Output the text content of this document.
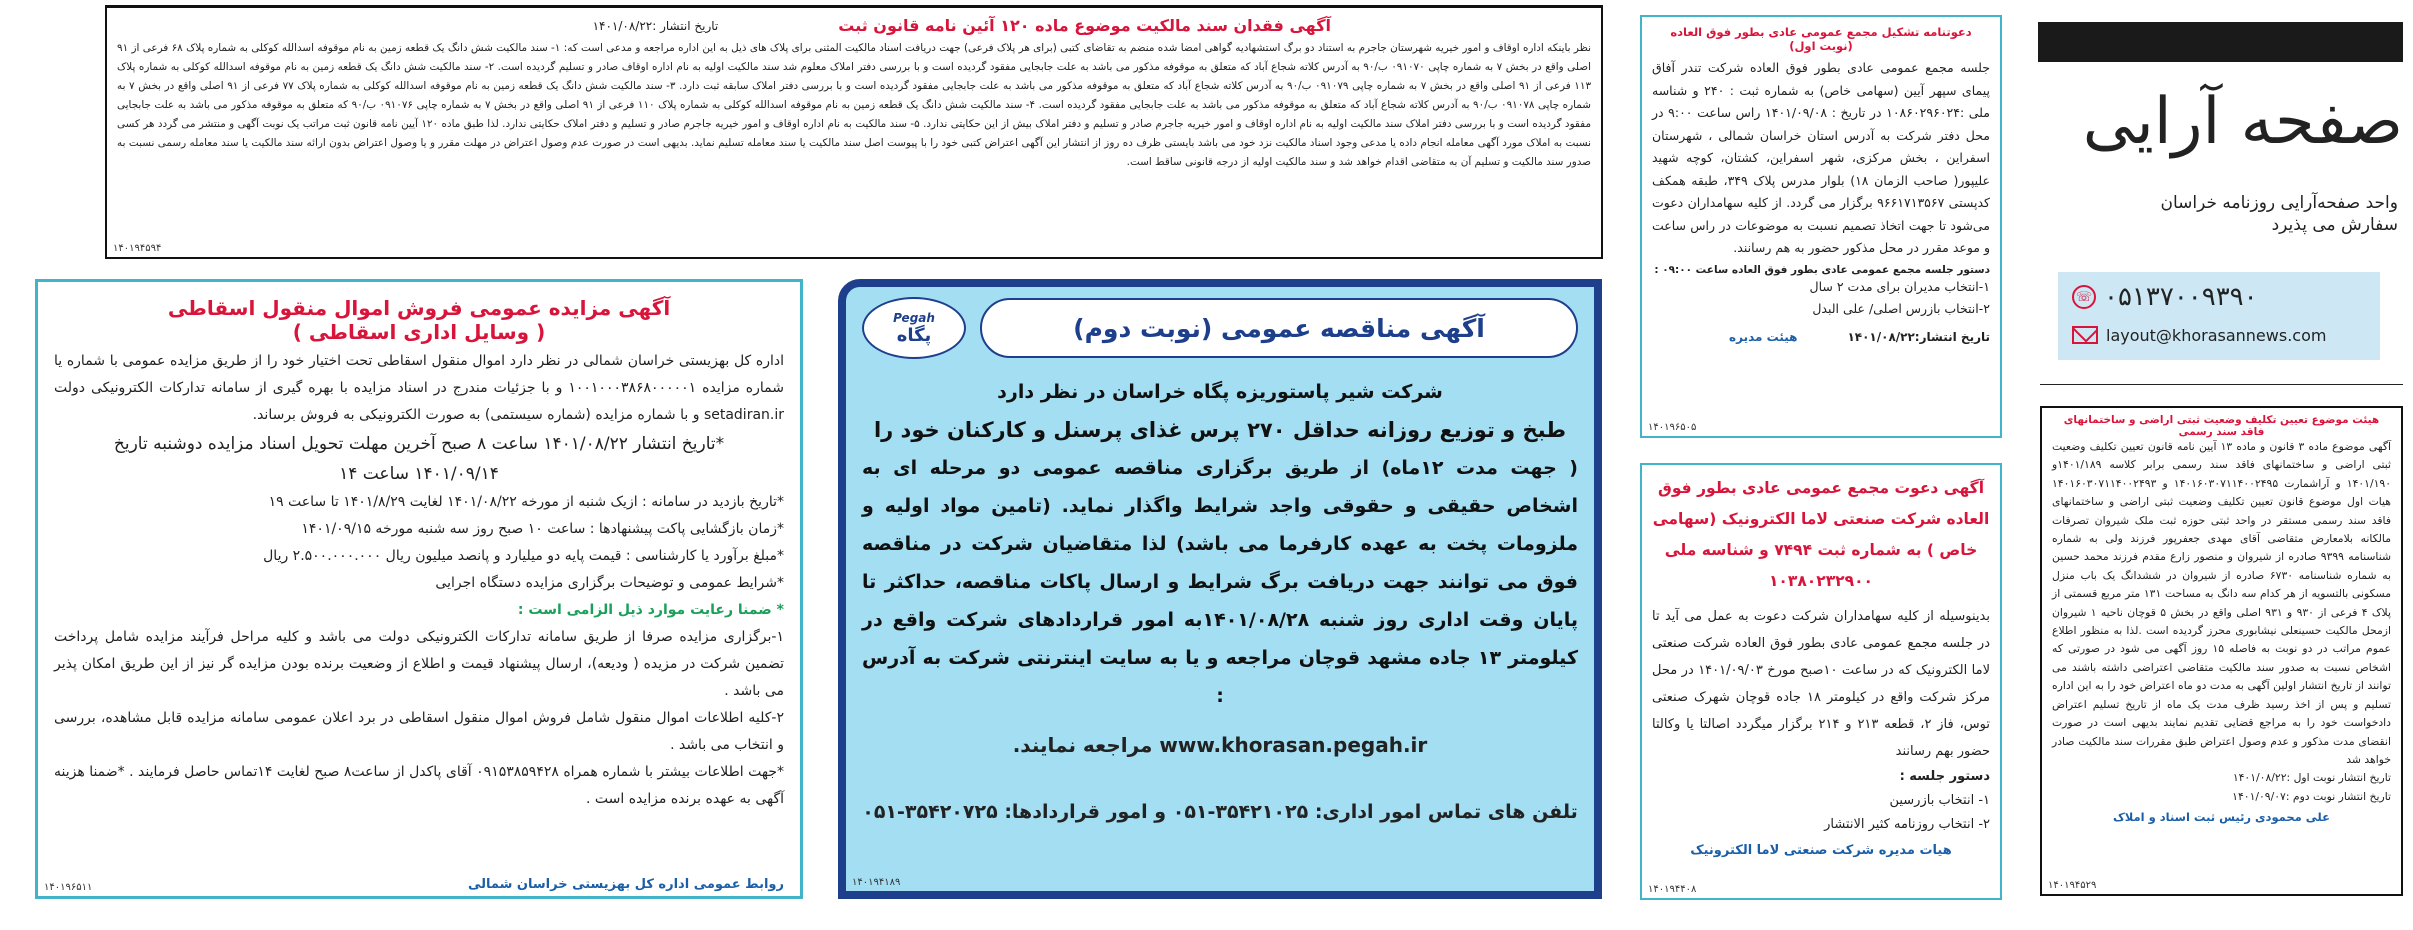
آگهی فقدان سند مالکیت موضوع ماده ۱۲۰ آئین نامه قانون ثبت
تاریخ انتشار :۱۴۰۱/۰۸/۲۲

نظر باینکه اداره اوقاف و امور خیریه شهرستان جاجرم به استناد دو برگ استشهادیه گواهی امضا شده منضم به تقاضای کتبی (برای هر پلاک فرعی) جهت دریافت اسناد مالکیت المثنی برای پلاک های ذیل به این اداره مراجعه و مدعی است که: ۱- سند مالکیت شش دانگ یک قطعه زمین به نام موقوفه اسدالله کوکلی به شماره پلاک ۶۸ فرعی از ۹۱ اصلی واقع در بخش ۷ به شماره چاپی ۰۹۱۰۷۰ ب/۹۰ به آدرس کلاته شجاع آباد که متعلق به موقوفه مذکور می باشد به علت جابجایی مفقود گردیده است و با بررسی دفتر املاک معلوم شد سند مالکیت اولیه به نام اداره اوقاف صادر و تسلیم گردیده است. ۲- سند مالکیت شش دانگ یک قطعه زمین به نام موقوفه اسدالله کوکلی به شماره پلاک ۱۱۳ فرعی از ۹۱ اصلی واقع در بخش ۷ به شماره چاپی ۰۹۱۰۷۹ ب/۹۰ به آدرس کلاته شجاع آباد که متعلق به موقوفه مذکور می باشد به علت جابجایی مفقود گردیده است و با بررسی دفتر املاک سابقه ثبت دارد. ۳- سند مالکیت شش دانگ یک قطعه زمین به نام موقوفه اسدالله کوکلی به شماره پلاک ۷۷ فرعی از ۹۱ اصلی واقع در بخش ۷ به شماره چاپی ۰۹۱۰۷۸ ب/۹۰ به آدرس کلاته شجاع آباد که متعلق به موقوفه مذکور می باشد به علت جابجایی مفقود گردیده است. ۴- سند مالکیت شش دانگ یک قطعه زمین به نام موقوفه اسدالله کوکلی به شماره پلاک ۱۱۰ فرعی از ۹۱ اصلی واقع در بخش ۷ به شماره چاپی ۰۹۱۰۷۶ ب/۹۰ که متعلق به موقوفه مذکور می باشد به علت جابجایی مفقود گردیده است و با بررسی دفتر املاک سند مالکیت اولیه به نام اداره اوقاف و امور خیریه جاجرم صادر و تسلیم و دفتر املاک بیش از این حکایتی ندارد. ۵- سند مالکیت به نام اداره اوقاف و امور خیریه جاجرم صادر و تسلیم و دفتر املاک حکایتی ندارد. لذا طبق ماده ۱۲۰ آیین نامه قانون ثبت مراتب یک نوبت آگهی و منتشر می گردد هر کسی نسبت به املاک مورد آگهی معامله انجام داده یا مدعی وجود اسناد مالکیت نزد خود می باشد بایستی ظرف ده روز از انتشار این آگهی اعتراض کتبی خود را با پیوست اصل سند مالکیت یا سند معامله تسلیم نماید. بدیهی است در صورت عدم وصول اعتراض در مهلت مقرر و یا وصول اعتراض بدون ارائه سند مالکیت یا سند معامله رسمی نسبت به صدور سند مالکیت و تسلیم آن به متقاضی اقدام خواهد شد و سند مالکیت اولیه از درجه قانونی ساقط است.

۱۴۰۱۹۴۵۹۴
آگهی مزایده عمومی فروش اموال منقول اسقاطی
( وسایل اداری اسقاطی )

اداره کل بهزیستی خراسان شمالی در نظر دارد اموال منقول اسقاطی تحت اختیار خود را از طریق مزایده عمومی با شماره یا شماره مزایده ۱۰۰۱۰۰۰۳۸۶۸۰۰۰۰۰۱ و با جزئیات مندرج در اسناد مزایده با بهره گیری از سامانه تدارکات الکترونیکی دولت setadiran.ir و با شماره مزایده (شماره سیستمی) به صورت الکترونیکی به فروش برساند.

*تاریخ انتشار ۱۴۰۱/۰۸/۲۲ ساعت ۸ صبح آخرین مهلت تحویل اسناد مزایده دوشنبه تاریخ

۱۴۰۱/۰۹/۱۴ ساعت ۱۴

*تاریخ بازدید در سامانه : ازیک شنبه از مورخه ۱۴۰۱/۰۸/۲۲ لغایت ۱۴۰۱/۸/۲۹ تا ساعت ۱۹

*زمان بازگشایی پاکت پیشنهادها : ساعت ۱۰ صبح روز سه شنبه مورخه ۱۴۰۱/۰۹/۱۵

*مبلغ برآورد یا کارشناسی : قیمت پایه دو میلیارد و پانصد میلیون ریال ۲.۵۰۰.۰۰۰.۰۰۰ ریال

*شرایط عمومی و توضیحات برگزاری مزایده دستگاه اجرایی

* ضمنا رعایت موارد ذیل الزامی است :

۱-برگزاری مزایده صرفا از طریق سامانه تدارکات الکترونیکی دولت می باشد و کلیه مراحل فرآیند مزایده شامل پرداخت تضمین شرکت در مزیده ( ودیعه)، ارسال پیشنهاد قیمت و اطلاع از وضعیت برنده بودن مزایده گر نیز از این طریق امکان پذیر می باشد .

۲-کلیه اطلاعات اموال منقول شامل فروش اموال منقول اسقاطی در برد اعلان عمومی سامانه مزایده قابل مشاهده، بررسی و انتخاب می باشد .

*جهت اطلاعات بیشتر با شماره همراه ۰۹۱۵۳۸۵۹۴۲۸ آقای پاکدل از ساعت۸ صبح لغایت ۱۴تماس حاصل فرمایند . *ضمنا هزینه آگهی به عهده برنده مزایده است .

روابط عمومی اداره کل بهزیستی خراسان شمالی
۱۴۰۱۹۶۵۱۱
آگهی مناقصه عمومی (نوبت دوم)
Pegah
پگاه

شرکت شیر پاستوریزه پگاه خراسان در نظر دارد

طبخ و توزیع روزانه حداقل ۲۷۰ پرس غذای پرسنل و کارکنان خود را

( جهت مدت ۱۲ماه) از طریق برگزاری مناقصه عمومی دو مرحله ای به اشخاص حقیقی و حقوقی واجد شرایط واگذار نماید. (تامین مواد اولیه و ملزومات پخت به عهده کارفرما می باشد) لذا متقاضیان شرکت در مناقصه فوق می توانند جهت دریافت برگ شرایط و ارسال پاکات مناقصه، حداکثر تا پایان وقت اداری روز شنبه ۱۴۰۱/۰۸/۲۸به امور قراردادهای شرکت واقع در کیلومتر ۱۳ جاده مشهد قوچان مراجعه و یا به سایت اینترنتی شرکت به آدرس :

www.khorasan.pegah.ir مراجعه نمایند.

تلفن های تماس امور اداری: ۳۵۴۲۱۰۲۵-۰۵۱ و امور قراردادها: ۳۵۴۲۰۷۲۵-۰۵۱

۱۴۰۱۹۴۱۸۹
دعوتنامه تشکیل مجمع عمومی عادی بطور فوق العاده (نوبت اول)

جلسه مجمع عمومی عادی بطور فوق العاده شرکت تندر آفاق پیمای سپهر آیین (سهامی خاص) به شماره ثبت : ۲۴۰ و شناسه ملی :۱۰۸۶۰۲۹۶۰۲۴ در تاریخ : ۱۴۰۱/۰۹/۰۸ راس ساعت ۹:۰۰ در محل دفتر شرکت به آدرس استان خراسان شمالی ، شهرستان اسفراین ، بخش مرکزی، شهر اسفراین، کشتان، کوچه شهید علیپور( صاحب الزمان ۱۸) بلوار مدرس پلاک ۳۴۹، طبقه همکف کدپستی ۹۶۶۱۷۱۳۵۶۷ برگزار می گردد. از کلیه سهامداران دعوت می‌شود تا جهت اتخاذ تصمیم نسبت به موضوعات در راس ساعت و موعد مقرر در محل مذکور حضور به هم رسانند.

دستور جلسه مجمع عمومی عادی بطور فوق العاده ساعت ۰۹:۰۰ :
۱-انتخاب مدیران برای مدت ۲ سال
۲-انتخاب بازرس اصلی/ علی البدل
تاریخ انتشار:۱۴۰۱/۰۸/۲۲
هیئت مدیره
۱۴۰۱۹۶۵۰۵
آگهی دعوت مجمع عمومی عادی بطور فوق العاده شرکت صنعتی لاما الکترونیک (سهامی خاص ) به شماره ثبت ۷۴۹۴ و شناسه ملی ۱۰۳۸۰۲۳۲۹۰۰

بدینوسیله از کلیه سهامداران شرکت دعوت به عمل می آید تا در جلسه مجمع عمومی عادی بطور فوق العاده شرکت صنعتی لاما الکترونیک که در ساعت ۱۰صبح مورخ ۱۴۰۱/۰۹/۰۳ در محل مرکز شرکت واقع در کیلومتر ۱۸ جاده قوچان شهرک صنعتی توس، فاز ۲، قطعه ۲۱۳ و ۲۱۴ برگزار میگردد اصالتا یا وکالتا حضور بهم رسانند

دستور جلسه :
۱- انتخاب بازرسین
۲- انتخاب روزنامه کثیر الانتشار
هیات مدیره شرکت صنعتی لاما الکترونیک
۱۴۰۱۹۴۴۰۸
صفحه آرایی
واحد صفحه‌آرایی روزنامه خراسان
سفارش می پذیرد
☏ ۰۵۱۳۷۰۰۹۳۹۰
layout@khorasannews.com
هیئت موضوع تعیین تکلیف وضعیت ثبتی اراضی و ساختمانهای فاقد سند رسمی

آگهی موضوع ماده ۳ قانون و ماده ۱۳ آیین نامه قانون تعیین تکلیف وضعیت ثبتی اراضی و ساختمانهای فاقد سند رسمی برابر کلاسه ۱۴۰۱/۱۸۹و ۱۴۰۱/۱۹۰ و آراشمارت ۱۴۰۱۶۰۳۰۷۱۱۴۰۰۲۴۹۵ و ۱۴۰۱۶۰۳۰۷۱۱۴۰۰۲۴۹۳ هیات اول موضوع قانون تعیین تکلیف وضعیت ثبتی اراضی و ساختمانهای فاقد سند رسمی مستقر در واحد ثبتی حوزه ثبت ملک شیروان تصرفات مالکانه بلامعارض متقاضی آقای مهدی جعفرپور فرزند ولی به شماره شناسنامه ۹۳۹۹ صادره از شیروان و منصور زارع مقدم فرزند محمد حسین به شماره شناسنامه ۶۷۳۰ صادره از شیروان در ششدانگ یک باب منزل مسکونی بالتسویه از هر کدام سه دانگ به مساحت ۱۳۱ متر مربع قسمتی از پلاک ۴ فرعی از ۹۳۰ و ۹۳۱ اصلی واقع در بخش ۵ قوچان ناحیه ۱ شیروان ازمحل مالکیت حسینعلی نیشابوری محرز گردیده است .لذا به منظور اطلاع عموم مراتب در دو نوبت به فاصله ۱۵ روز آگهی می شود در صورتی که اشخاص نسبت به صدور سند مالکیت متقاضی اعتراضی داشته باشند می توانند از تاریخ انتشار اولین آگهی به مدت دو ماه اعتراض خود را به این اداره تسلیم و پس از اخذ رسید ظرف مدت یک ماه از تاریخ تسلیم اعتراض دادخواست خود را به مراجع قضایی تقدیم نمایند بدیهی است در صورت انقضای مدت مذکور و عدم وصول اعتراض طبق مقررات سند مالکیت صادر خواهد شد

تاریخ انتشار نوبت اول :۱۴۰۱/۰۸/۲۲

تاریخ انتشار نوبت دوم :۱۴۰۱/۰۹/۰۷

علی محمودی رئیس ثبت اسناد و املاک
۱۴۰۱۹۴۵۲۹
